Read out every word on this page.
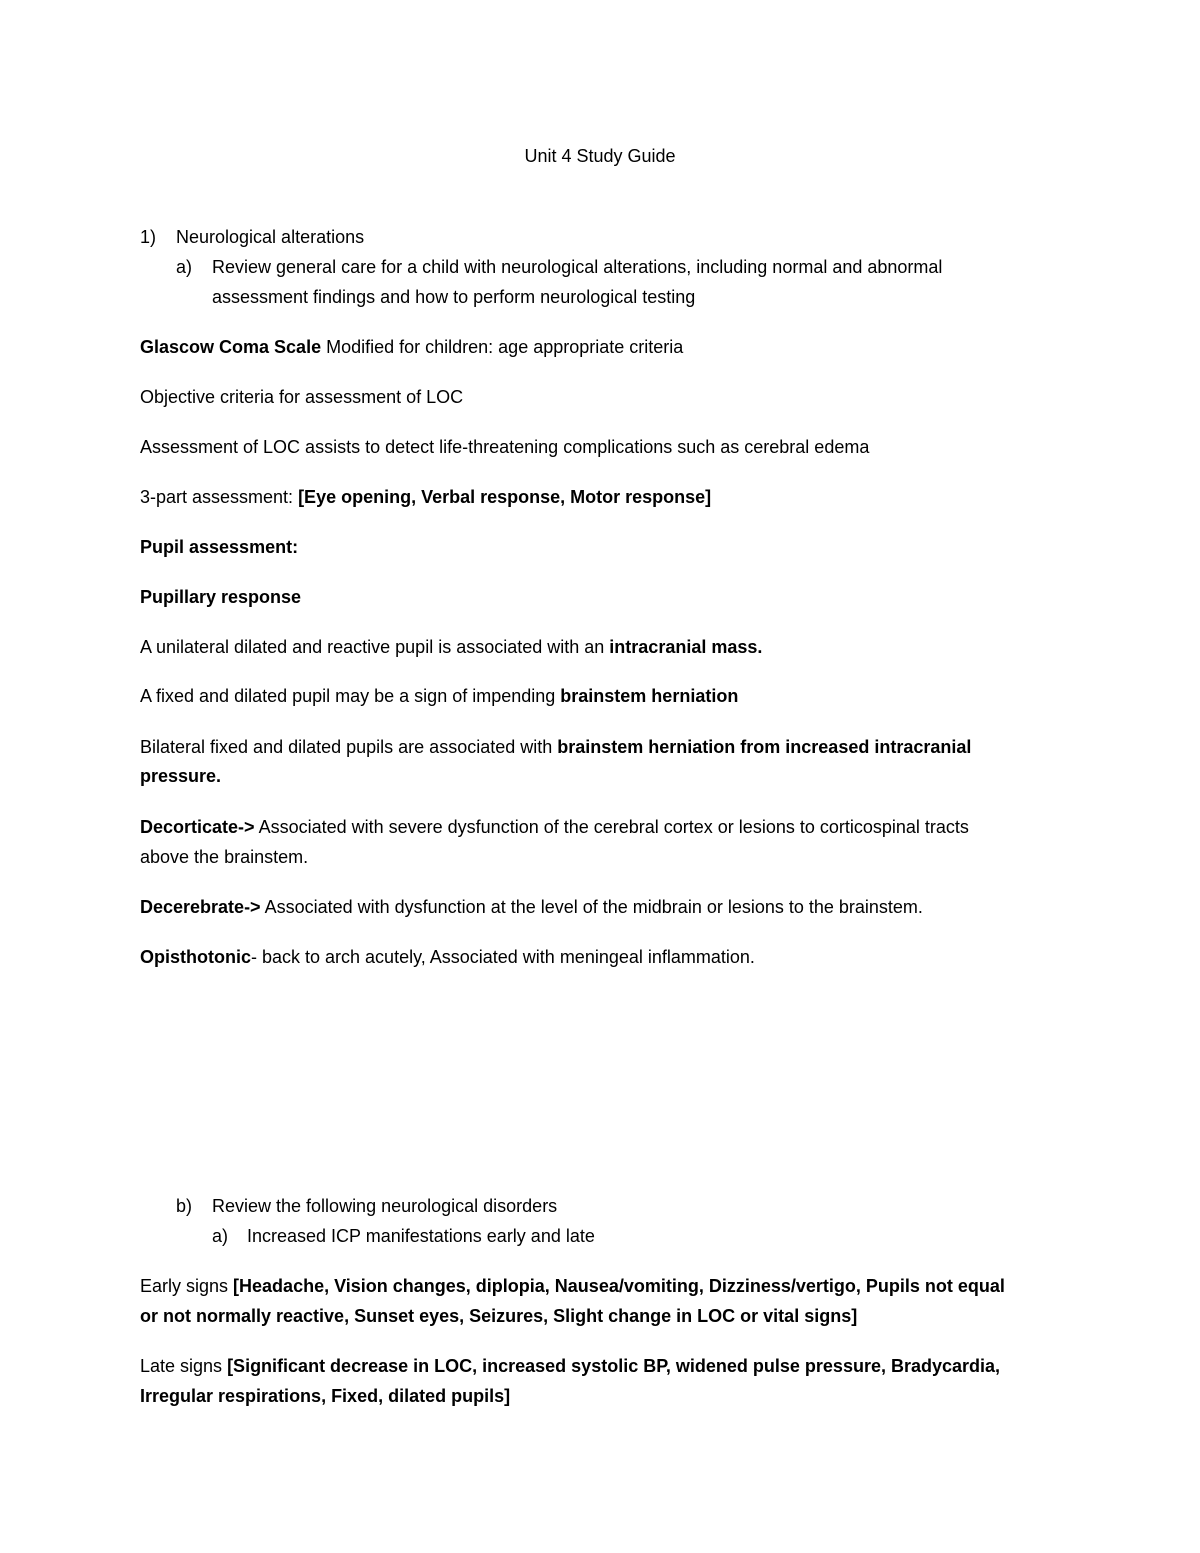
Unit 4 Study Guide
1) Neurological alterations
a) Review general care for a child with neurological alterations, including normal and abnormal
assessment findings and how to perform neurological testing
Glascow Coma Scale Modified for children: age appropriate criteria
Objective criteria for assessment of LOC
Assessment of LOC assists to detect life-threatening complications such as cerebral edema
3-part assessment: [Eye opening, Verbal response, Motor response]
Pupil assessment:
Pupillary response
A unilateral dilated and reactive pupil is associated with an intracranial mass.
A fixed and dilated pupil may be a sign of impending brainstem herniation
Bilateral fixed and dilated pupils are associated with brainstem herniation from increased intracranial
pressure.
Decorticate-> Associated with severe dysfunction of the cerebral cortex or lesions to corticospinal tracts
above the brainstem.
Decerebrate-> Associated with dysfunction at the level of the midbrain or lesions to the brainstem.
Opisthotonic- back to arch acutely, Associated with meningeal inflammation.
b) Review the following neurological disorders
a) Increased ICP manifestations early and late
Early signs [Headache, Vision changes, diplopia, Nausea/vomiting, Dizziness/vertigo, Pupils not equal
or not normally reactive, Sunset eyes, Seizures, Slight change in LOC or vital signs]
Late signs [Significant decrease in LOC, increased systolic BP, widened pulse pressure, Bradycardia,
Irregular respirations, Fixed, dilated pupils]
